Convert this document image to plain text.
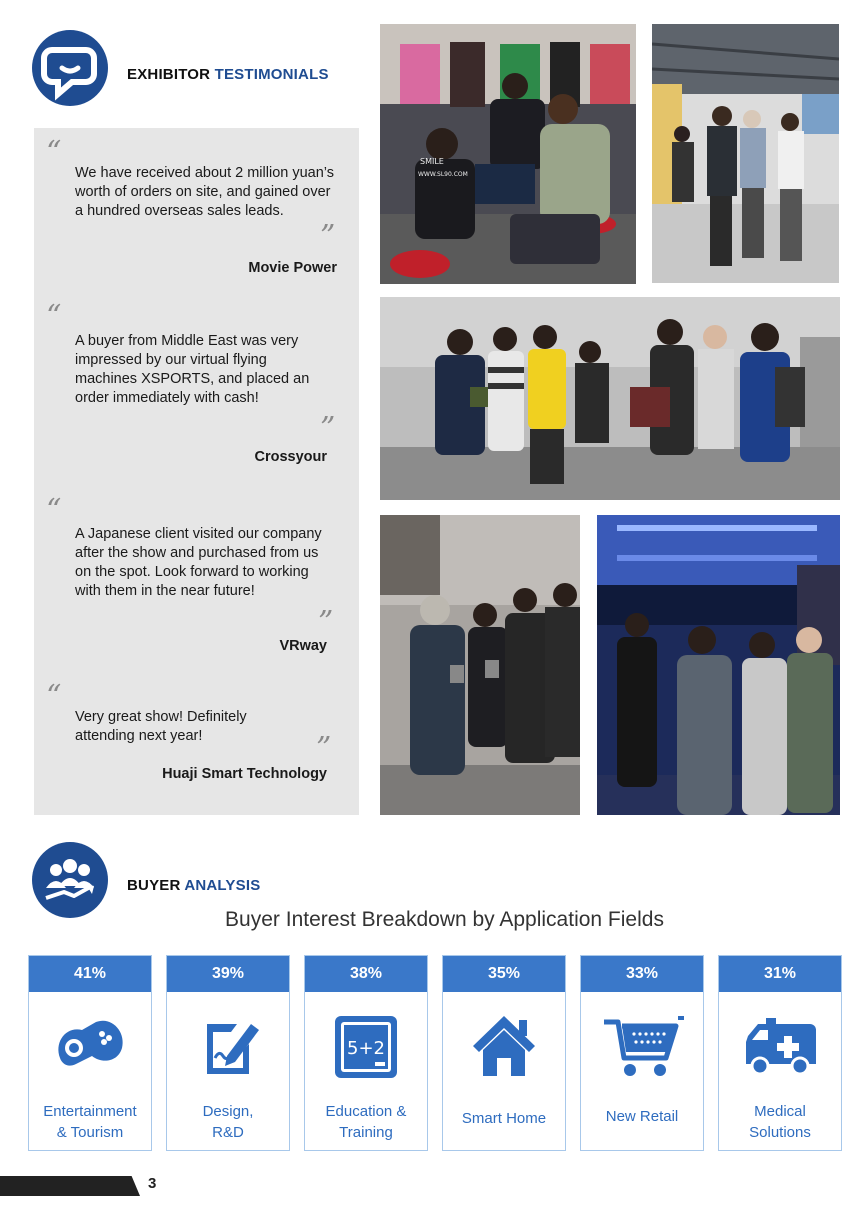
EXHIBITOR TESTIMONIALS
“
We have received about 2 million yuan’s worth of orders on site, and gained over a hundred overseas sales leads.
”
Movie Power
“
A buyer from Middle East was very impressed by our virtual flying machines XSPORTS, and placed an order immediately with cash!
”
Crossyour
“
A Japanese client visited our company after the show and purchased from us on the spot. Look forward to working with them in the near future!
”
VRway
“
Very great show! Definitely attending next year!	”
Huaji Smart Technology
SMILE
WWW.SL90.COM
BUYER ANALYSIS
Buyer Interest Breakdown by Application Fields
41%
Entertainment
& Tourism
39%
Design,
R&D
38%
5+2
Education &
Training
35%
Smart Home
33%
New Retail
31%
Medical
Solutions
3
